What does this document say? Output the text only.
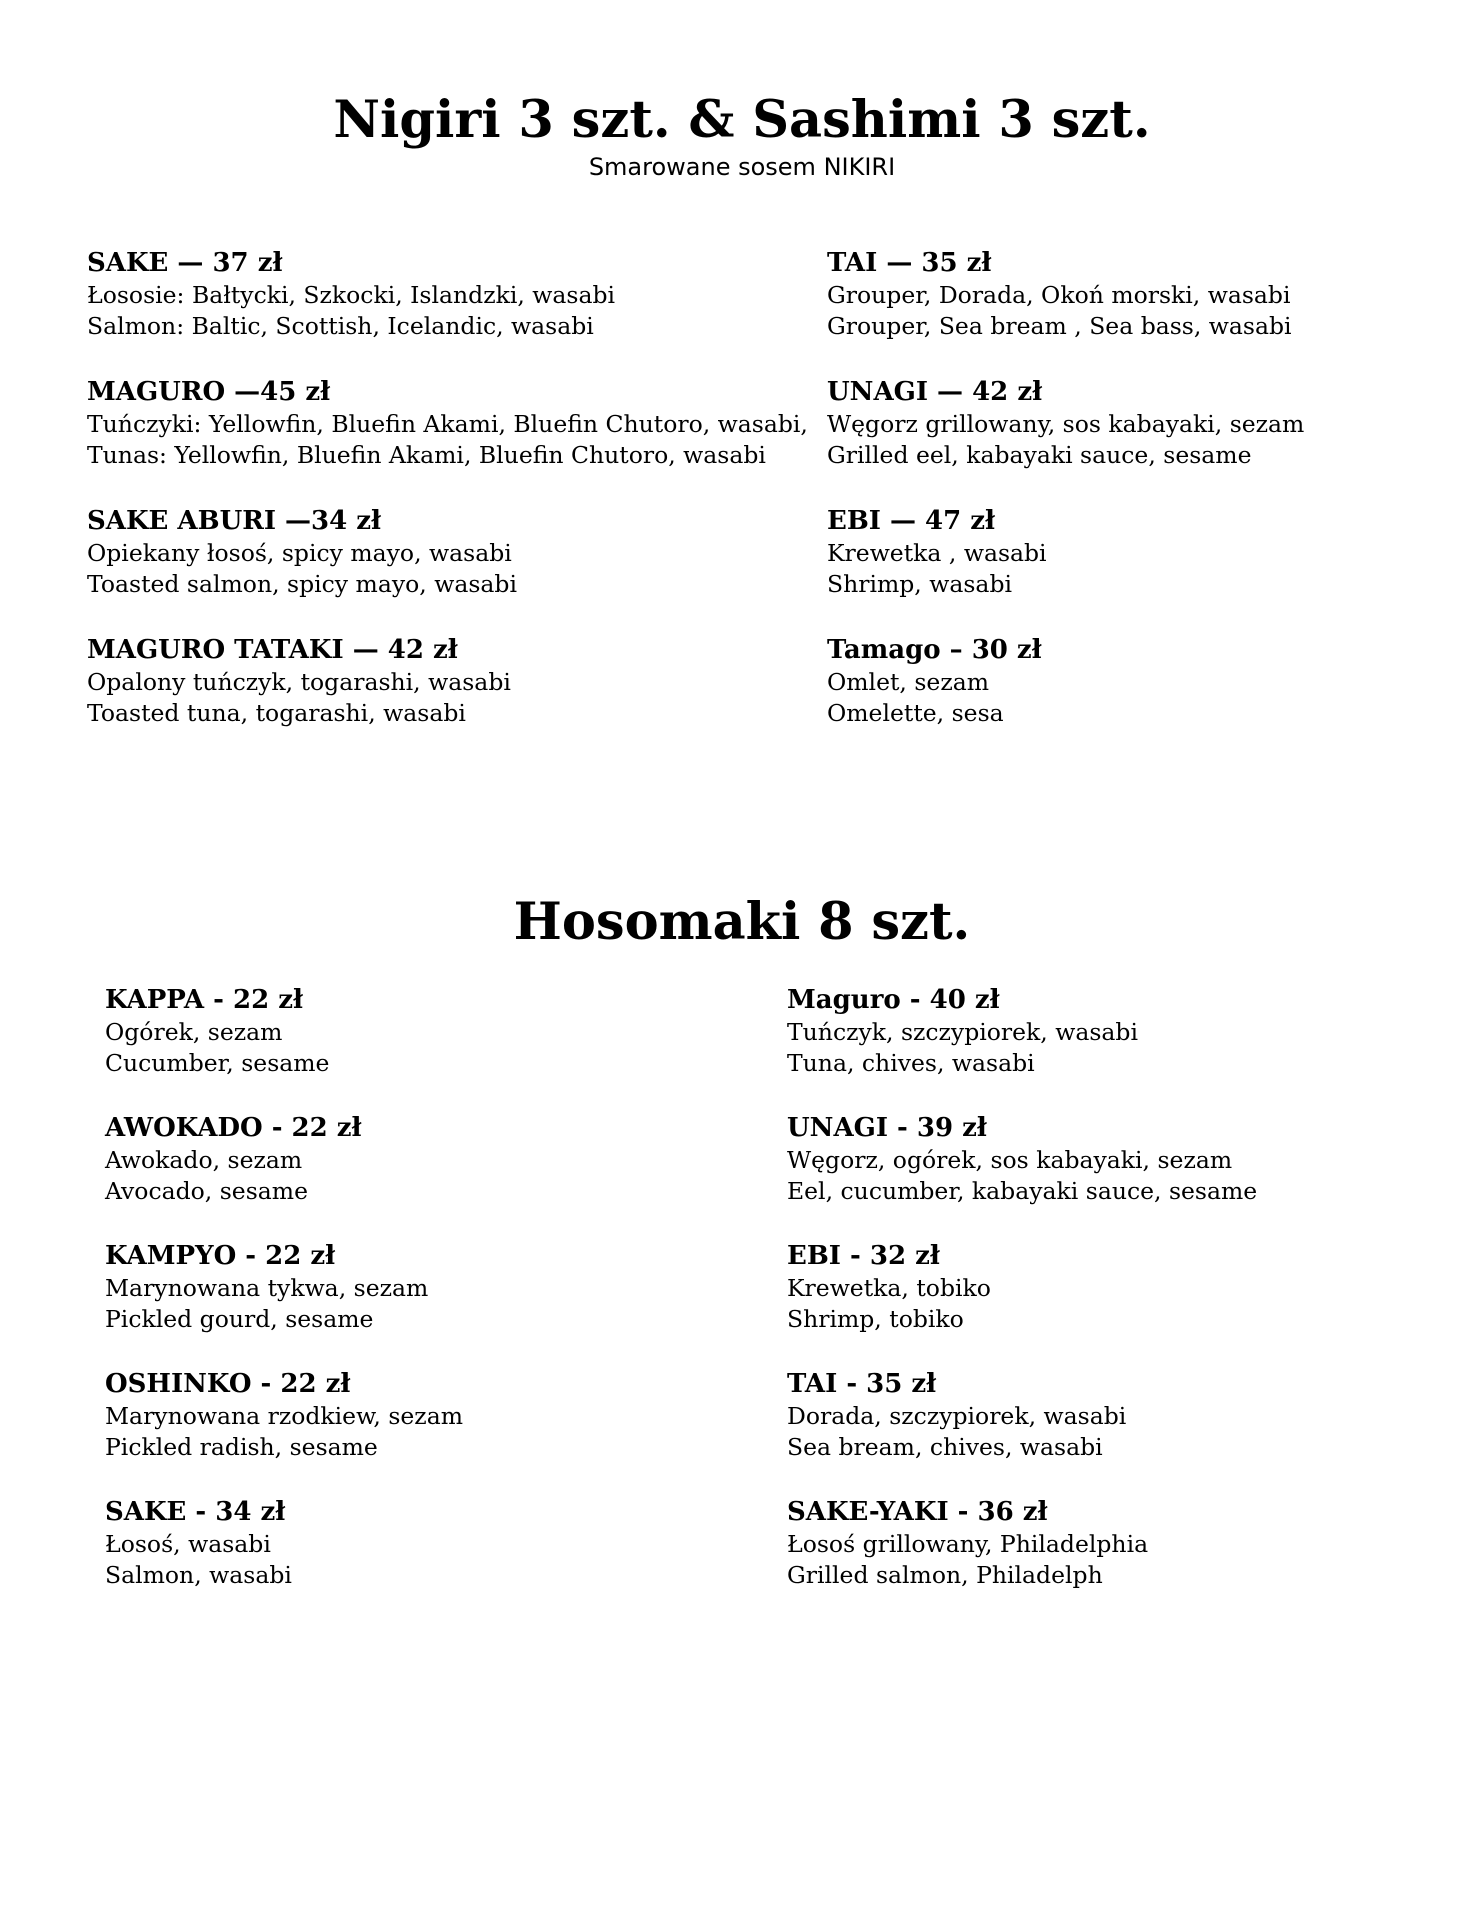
Nigiri 3 szt. & Sashimi 3 szt.

Smarowane sosem NIKIRI

SAKE — 37 zł
Łososie: Bałtycki, Szkocki, Islandzki, wasabi
Salmon: Baltic, Scottish, Icelandic, wasabi
MAGURO —45 zł
Tuńczyki: Yellowfin, Bluefin Akami, Bluefin Chutoro, wasabi,
Tunas: Yellowfin, Bluefin Akami, Bluefin Chutoro, wasabi
SAKE ABURI —34 zł
Opiekany łosoś, spicy mayo, wasabi
Toasted salmon, spicy mayo, wasabi
MAGURO TATAKI — 42 zł
Opalony tuńczyk, togarashi, wasabi
Toasted tuna, togarashi, wasabi
TAI — 35 zł
Grouper, Dorada, Okoń morski, wasabi
Grouper, Sea bream , Sea bass, wasabi
UNAGI — 42 zł
Węgorz grillowany, sos kabayaki, sezam
Grilled eel, kabayaki sauce, sesame
EBI — 47 zł
Krewetka , wasabi
Shrimp, wasabi
Tamago – 30 zł
Omlet, sezam
Omelette, sesa
Hosomaki 8 szt.
KAPPA - 22 zł
Ogórek, sezam
Cucumber, sesame
AWOKADO - 22 zł
Awokado, sezam
Avocado, sesame
KAMPYO - 22 zł
Marynowana tykwa, sezam
Pickled gourd, sesame
OSHINKO - 22 zł
Marynowana rzodkiew, sezam
Pickled radish, sesame
SAKE - 34 zł
Łosoś, wasabi
Salmon, wasabi
Maguro - 40 zł
Tuńczyk, szczypiorek, wasabi
Tuna, chives, wasabi
UNAGI - 39 zł
Węgorz, ogórek, sos kabayaki, sezam
Eel, cucumber, kabayaki sauce, sesame
EBI - 32 zł
Krewetka, tobiko
Shrimp, tobiko
TAI - 35 zł
Dorada, szczypiorek, wasabi
Sea bream, chives, wasabi
SAKE-YAKI - 36 zł
Łosoś grillowany, Philadelphia
Grilled salmon, Philadelph
